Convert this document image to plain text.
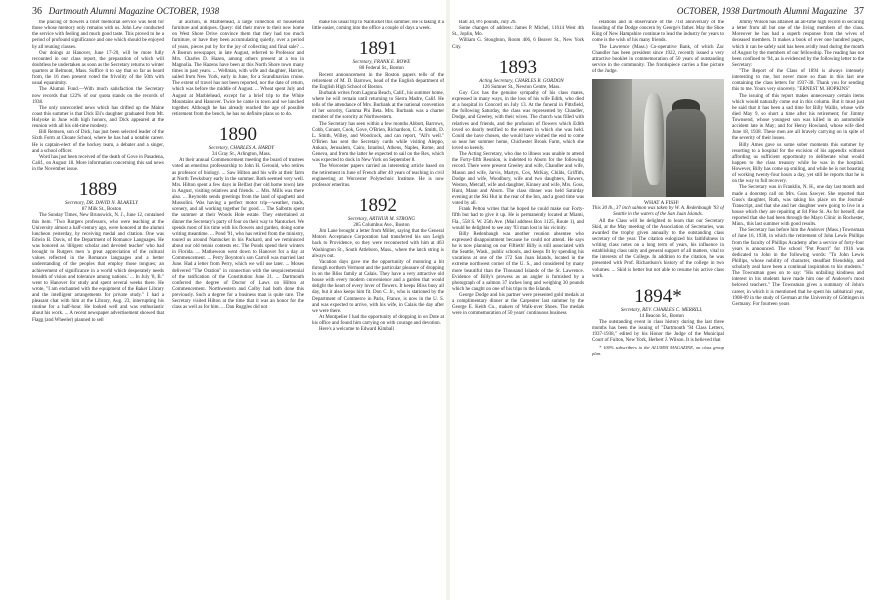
36 Dartmouth Alumni Magazine OCTOBER, 1938

the placing of flowers a brief memorial service was held for those whose memory only remains with us. John Lew conducted the service with feeling and much good taste. This proved to be a period of profound significance and one which should be enjoyed by all reuning classes.

Our doings at Hanover, June 17-20, will be more fully recounted in our class report, the preparation of which will doubtless be undertaken as soon as the Secretary returns to winter quarters at Belmont, Mass. Suffice it to say that so far as heard from, the 16 men present voted the frivolity of the 50th with usual equanimity.

The Alumni Fund.—With much satisfaction the Secretary now records that 122% of our quota stands on the records of 1938.

The only unrecorded news which has drifted up the Maine coast this summer is that Dick Eli's daughter graduated from Mt. Holyoke in June with high honors, and Dick appeared at the reunion with all his old-time modesty.

Bill Remsen, son of Dick, has just been selected leader of the Sixth Form at Choate School, where he has had a notable career. He is captain-elect of the hockey team, a debater and a singer, and a school officer.

Word has just been received of the death of Gove in Pasadena, Calif., on August 18. More information concerning this sad news in the November issue.

1889

Secretary, DR. DAVID N. BLAKELY

87 Milk St., Boston

The Sunday Times, New Brunswick, N. J., June 12, contained this item. "Two Rutgers professors, who were teaching at the University almost a half-century ago, were honored at the alumni luncheon yesterday, by receiving medal and citation. One was Edwin B. Davis, of the Department of Romance Languages. He was honored as 'diligent scholar and devoted teacher' who had brought to Rutgers men 'a great appreciation of the cultural values reflected in the Romance languages and a better understanding of the peoples that employ those tongues; an achievement of significance in a world which desperately needs breadth of vision and tolerance among nations.' ... In July '8, B." went to Hanover for study and spent several weeks there. He wrote, "I am enchanted with the equipment of the Baker Library and the intelligent arrangements for private study." I had a pleasant chat with him at the Library, Aug. 23, interrupting his routine for a half-hour. He looked well and was enthusiastic about his work. ... A recent newspaper advertisement showed that Flagg (and Wheeler) planned to sell

at auction, in Marblehead, a large collection of household furniture and antiques. Query: did their move to their new home on West Shore Drive convince them that they had too much furniture, or have they been accumulating quietly, over a period of years, pieces put by for the joy of collecting and final sale? ... A Boston newspaper, in late August, referred to Professor and Mrs. Charles D. Hazen, among others present at a tea in Magnolia. The Hazens have been at this North Shore town many times in past years. ... Wellman, with wife and daughter, Harriet, sailed from New York, early in June, for a Scandinavian cruise. The extent of travel has not been reported, nor the date of return, which was before the middle of August. ... Wheat spent July and August at Marblehead, except for a brief trip to the White Mountains and Hanover. Twice he came in town and we lunched together. Although he has already reached the age of possible retirement from the bench, he has no definite plans so to do.

1890

Secretary, CHARLES A. HARDY

34 Gray St., Arlington, Mass.

At their annual Commencement meeting the board of trustees voted an emeritus professorship to John H. Gerould, who retires as professor of biology. ... Saw Hilton and his wife at their farm at North Tewksbury early in the summer. Both seemed very well. Mrs. Hilton spent a few days in Belfast (her old home town) late in August, visiting relatives and friends. ... Mrs. Mills was there also. ... Reynolds sends greetings from the land of spaghetti and Mussolini. Was having a perfect motor trip—weather, roads, scenery, and all working together for good. ... The Salbotts spent the summer at their Woods Hole estate. They entertained at dinner the Secretary's party of four on their way to Nantucket. We spends most of his time with his flowers and garden, doing some writing meantime. ... Pond '91, who has retired from the ministry, toured us around Nantucket in his Packard, and we reminisced about our old tennis contests etc. The Ponds spend their winters in Florida. ... Mathewson went down to Hanover for a day at Commencement. ... Perry Boynton's son Carroll was married last June. Had a letter from Perry, which we will use later. ... Moses delivered "The Oration" in connection with the sesquicentennial of the ratification of the Constitution June 21. ... Dartmouth conferred the degree of Doctor of Laws on Hilton at Commencement. Northwestern and Colby had both done this previously. Such a degree for a business man is quite rare. The Secretary visited Hilton at the time that it was an honor for the class as well as for him. ... Dan Ruggles did not

make his usual trip to Nantucket this summer. He is taking it a little easier, coming into the office a couple of days a week.

1891

Secretary, FRANK E. ROWE

80 Federal St., Boston

Recent announcement in the Boston papers tells of the retirement of M. D. Barrows, head of the English department of the English High School of Boston.

Burbank writes from Laguna Beach, Calif., his summer home, where he will remain until returning to Sierra Madre, Calif. He tells of the attendance of Mrs. Burbank at the national convention of her sorority, Gamma Phi Beta. Mrs. Burbank was a charter member of the sorority at Northwestern.

The Secretary has seen within a few months Abbott, Barrows, Cobb, Conant, Cook, Gove, O'Brien, Richardson, C. A. Smith, D. L. Smith, Willey, and Woodcock, and can report, "All's well." O'Brien has sent the Secretary cards while visiting Aleppo, Ankara, Jerusalem, Cairo, Istanbul, Athens, Naples, Rome, and Geneva, and from the latter he expected to sail on the Rex, which was expected to dock in New York on September 8.

The Worcester papers carried an interesting article based on the retirement in June of French after 40 years of teaching in civil engineering at Worcester Polytechnic Institute. He is now professor emeritus.

1892

Secretary, ARTHUR M. STRONG

285 Columbus Ave., Boston

Jim Lane brought a letter from Miller, saying that the General Motors Acceptance Corporation had transferred his son Leigh back to Providence, so they were reconnected with him at 463 Washington St., South Attleboro, Mass., where the latch string is always out.

Vacation days gave me the opportunity of motoring a bit through northern Vermont and the particular pleasure of dropping in on the Bliss family at Calais. They have a very attractive old house with every modern convenience and a garden that would delight the heart of every lover of flowers. It keeps Bliss busy all day, but it also keeps him fit. Don C. Jr., who is stationed by the Department of Commerce in Paris, France, is now in the U. S. and was expected to arrive, with his wife, in Calais the day after we were there.

At Montpelier I had the opportunity of dropping in on Dote at his office and found him carrying on with courage and devotion.

Here's a welcome to Edward Kimball

OCTOBER, 1938 Dartmouth Alumni Magazine 37

Hall 3d, 8½ pounds, July 26.

Some changes of address: James P. Michel, 11614 West 4th St., Joplin, Mo.

William G. Stoughton, Room 406, 6 Beaver St., New York City.

1893

Acting Secretary, CHARLES B. GORDON

126 Sumner St., Newton Centre, Mass.

Guy Cox has the genuine sympathy of his class mates, expressed in many ways, in the loss of his wife Edith, who died at a hospital in Concord on July 13. At the funeral in Pittsfield, the following Saturday, the class was represented by Chandler, Dodge, and Greeley, with their wives. The church was filled with relatives and friends, and the profusion of flowers which Edith loved so dearly testified to the esteem in which she was held. Could she have chosen, she would have wished the end to come so near her summer home, Chichester Brook Farm, which she loved so keenly.

The Acting Secretary, who due to illness was unable to attend the Forty-fifth Reunion, is indebted to Aborn for the following record. There were present Greeley and wife, Chandler and wife, Mason and wife, Jarvis, Martyn, Cox, McKay, Childs, Griffith, Dodge and wife, Woodbury, wife and two daughters, Bowers, Weston, Metcalf, wife and daughter, Kinney and wife, Mrs. Goss, Hunt, Mann and Aborn. The class dinner was held Saturday evening at the Ski Hut in the rear of the Inn, and a good time was voted by all.

Frank Pelton writes that he hoped he could make our Forty-fifth but had to give it up. He is permanently located at Miami, Fla., 558 S. W. 25th Ave. (Mail address Box 1125, Route 1), and would be delighted to see any '93 man lost in his vicinity.

Billy Redenbaugh was another reunion absentee who expressed disappointment because he could not attend. He says he is now planning on our Fiftieth! Billy is still associated with the Seattle, Wash., public schools, and keeps fit by spending his vacations at one of the 172 San Juan Islands, located in the extreme northwest corner of the U. S., and considered by many more beautiful than the Thousand Islands of the St. Lawrence. Evidence of Billy's prowess as an angler is furnished by a photograph of a salmon 37 inches long and weighing 30 pounds which he caught on one of his trips to the Islands.

George Dodge and his partner were presented gold medals at a complimentary dinner at the Carpenter last summer by the George E. Keith Co., makers of Walk-over Shoes. The medals were in commemoration of 50 years' continuous business

relations and in observance of the 71st anniversary of the founding of the Dodge concern by George's father. May the Shoe King of New Hampshire continue to lead the industry for years to come is the wish of his many friends.

The Lawrence (Mass.) Co-operative Bank, of which Zac Chandler has been president since 1922, recently issued a very attractive booklet in commemoration of 50 years of outstanding service in the community. The frontispiece carries a fine picture of the Judge.

WHAT A FISH!
This 30 lb., 37 inch salmon was taken by W. A. Redenbaugh '93 of Seattle in the waters of the San Juan Islands.

All the Class will be delighted to learn that our Secretary Skid, at the May meeting of the Association of Secretaries, was awarded the trophy given annually to the outstanding class secretary of the year. The citation eulogized his faithfulness in writing class notes on a long term of years, his influence in establishing class unity and general support of all matters, vital to the interests of the College. In addition to the citation, he was presented with Prof. Richardson's history of the college in two volumes. ... Skid is better but not able to resume his active class work.

1894*

Secretary, REV. CHARLES C. MERRILL

14 Beacon St., Boston

The outstanding event in class history during the last three months has been the issuing of "Dartmouth '94 Class Letters, 1937-1938," edited by his Honor the Judge of the Municipal Court of Fulton, New York, Herbert J. Wilson. It is believed that

* 100% subscribers to the ALUMNI MAGAZINE, on class group plan.

Jimmy Wilson has attained an all-time high record in securing a letter from all but one of the living members of the class. Moreover he has had a superb response from the wives of deceased members. It makes a book of over one hundred pages, which it can be safely said has been avidly read during the month of August by the members of our fellowship. The reading has not been confined to '94, as is evidenced by the following letter to the Secretary:

"The Report of the Class of 1894 is always intensely interesting to me, but never more so than in this last one containing the class letters for 1937-38. Thank you for sending this to me. Yours very sincerely. "ERNEST M. HOPKINS"

The issuing of this report makes unnecessary certain items which would naturally come out in this column. But it must just be said that it has been a sad time for Billy Wallis, whose wife died May 9, so short a time after his retirement; for Jimmy Townsend, whose youngest son was killed in an automobile accident late in May; and for Henry Howland, whose wife died June 18, 1938. These men are all bravely carrying on in spite of the severity of their losses.

Billy Ames gave us some sober moments this summer by resorting to a hospital for the excision of his appendix without affording us sufficient opportunity to deliberate what would happen to the class treasury while he was in the hospital. However, Billy has come up smiling, and while he is not boasting of working twenty-four hours a day, yet still he reports that he is on the way to full recovery.

The Secretary was in Franklin, N. H., one day last month and made a doorstep call on Mrs. Guss Sawyer. She reported that Guss's daughter, Ruth, was taking his place on the Journal-Transcript, and that she and her daughter were going to live in a house which they are repairing at 84 Pine St. As for herself, she reported that she had been through the Mayo Clinic in Rochester, Minn., this last summer with good results.

The Secretary has before him the Andover (Mass.) Townsman of June 16, 1938, in which the retirement of John Lewis Phillips from the faculty of Phillips Academy after a service of forty-four years is announced. The school "Pot Pourri" for 1916 was dedicated to John in the following words: "To John Lewis Phillips, whose nobility of character, steadfast friendship, and scholarly zeal have been a continual inspiration to his students." The Townsman goes on to say: "His unfailing kindness and interest in his students have made him one of Andover's most beloved teachers." The Townsman gives a summary of John's career, in which it is mentioned that he spent his sabbatical year, 1908-09 in the study of German at the University of Göttingen in Germany. For fourteen years
